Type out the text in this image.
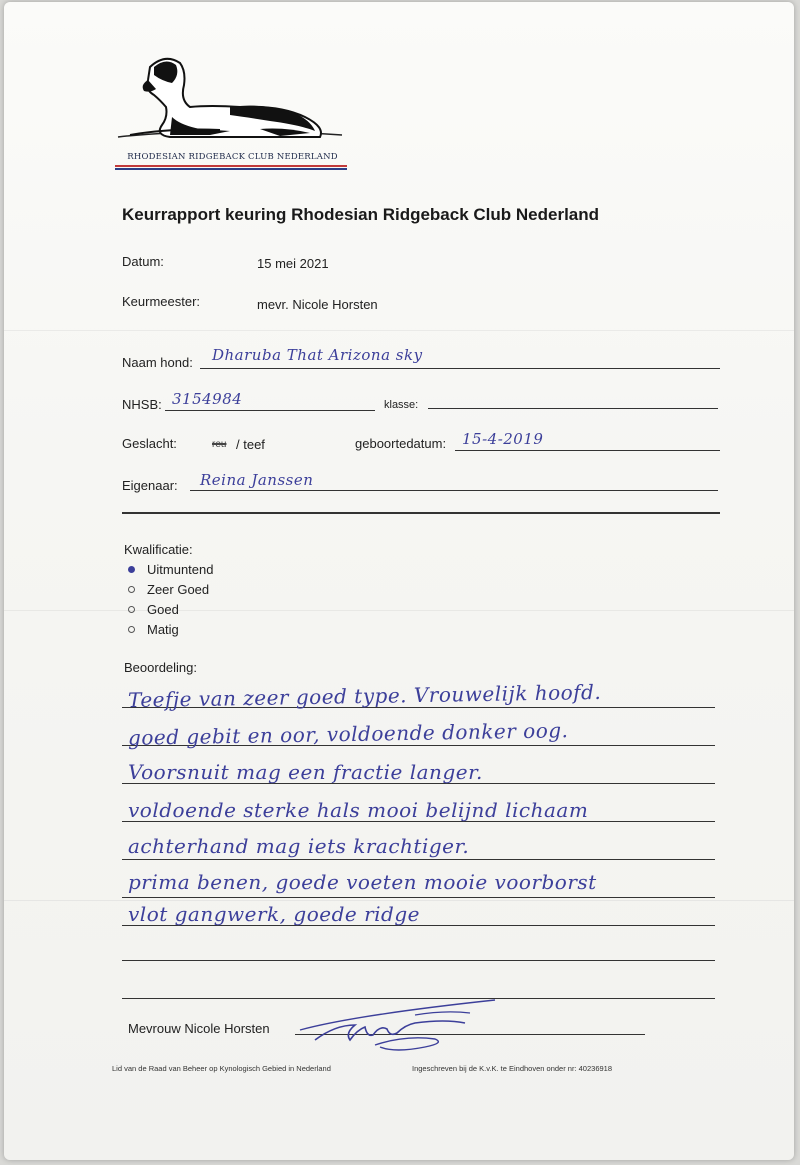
RHODESIAN RIDGEBACK CLUB NEDERLAND
Keurrapport keuring Rhodesian Ridgeback Club Nederland
Datum:	15 mei 2021
Keurmeester:	mevr. Nicole Horsten
Naam hond: Dharuba That Arizona sky
NHSB: 3154984	klasse:
Geslacht:	reu / teef	geboortedatum: 15-4-2019
Eigenaar: Reina Janssen
Kwalificatie:
Uitmuntend
Zeer Goed
Goed
Matig
Beoordeling:
Teefje van zeer goed type. Vrouwelijk hoofd.
goed gebit en oor, voldoende donker oog.
Voorsnuit mag een fractie langer.
voldoende sterke hals mooi belijnd lichaam
achterhand mag iets krachtiger.
prima benen, goede voeten mooie voorborst
vlot gangwerk, goede ridge
Mevrouw Nicole Horsten
Lid van de Raad van Beheer op Kynologisch Gebied in Nederland	Ingeschreven bij de K.v.K. te Eindhoven onder nr: 40236918
